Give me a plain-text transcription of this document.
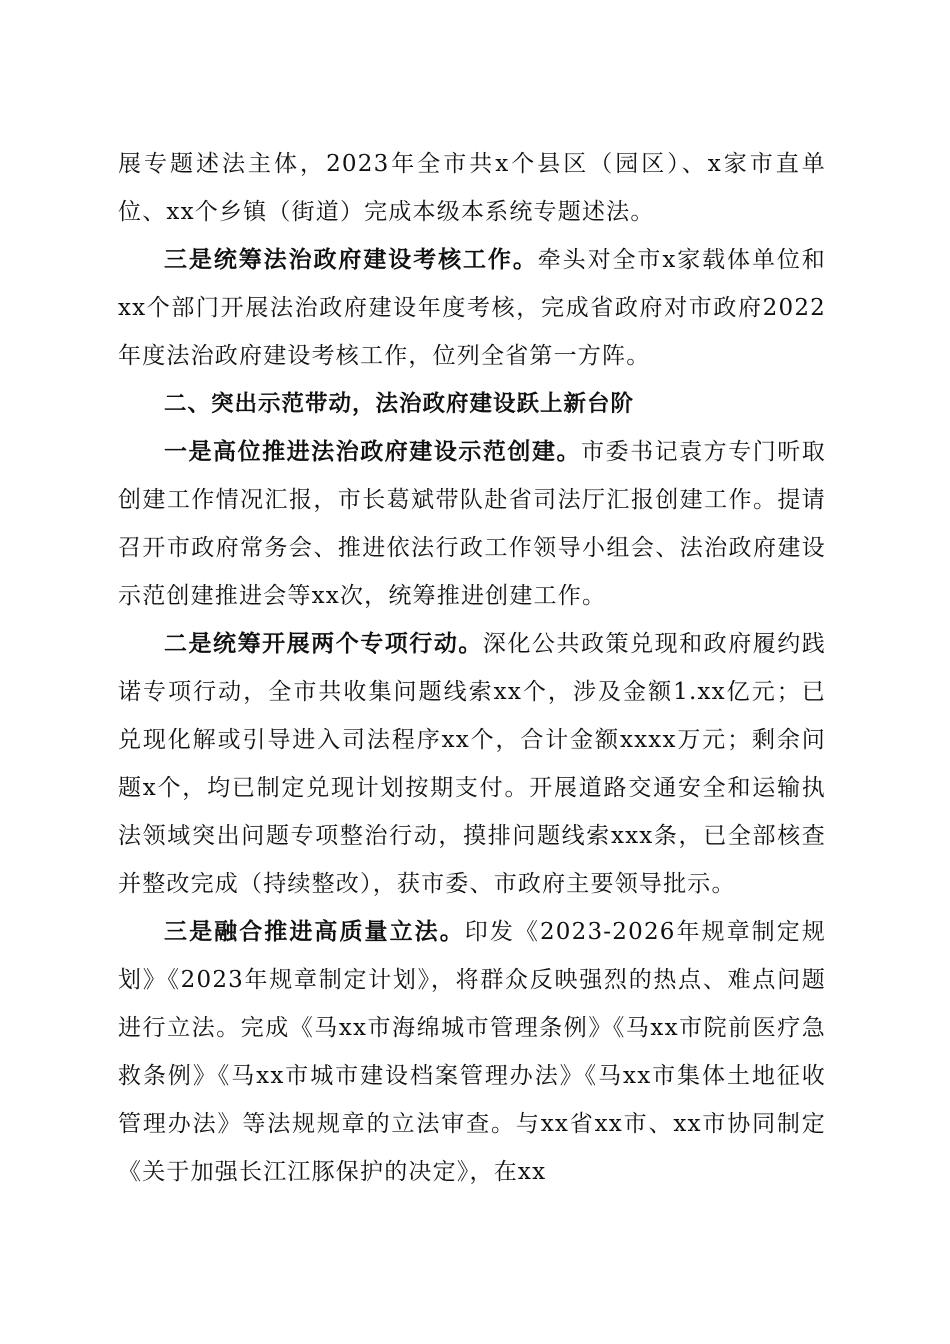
展专题述法主体，2023年全市共x个县区（园区）、x家市直单位、xx个乡镇（街道）完成本级本系统专题述法。

三是统筹法治政府建设考核工作。牵头对全市x家载体单位和xx个部门开展法治政府建设年度考核，完成省政府对市政府2022年度法治政府建设考核工作，位列全省第一方阵。

二、突出示范带动，法治政府建设跃上新台阶

一是高位推进法治政府建设示范创建。市委书记袁方专门听取创建工作情况汇报，市长葛斌带队赴省司法厅汇报创建工作。提请召开市政府常务会、推进依法行政工作领导小组会、法治政府建设示范创建推进会等xx次，统筹推进创建工作。

二是统筹开展两个专项行动。深化公共政策兑现和政府履约践诺专项行动，全市共收集问题线索xx个，涉及金额1.xx亿元；已兑现化解或引导进入司法程序xx个，合计金额xxxx万元；剩余问题x个，均已制定兑现计划按期支付。开展道路交通安全和运输执法领域突出问题专项整治行动，摸排问题线索xxx条，已全部核查并整改完成（持续整改），获市委、市政府主要领导批示。

三是融合推进高质量立法。印发《2023-2026年规章制定规划》《2023年规章制定计划》，将群众反映强烈的热点、难点问题进行立法。完成《马xx市海绵城市管理条例》《马xx市院前医疗急救条例》《马xx市城市建设档案管理办法》《马xx市集体土地征收管理办法》等法规规章的立法审查。与xx省xx市、xx市协同制定《关于加强长江江豚保护的决定》，在xx
